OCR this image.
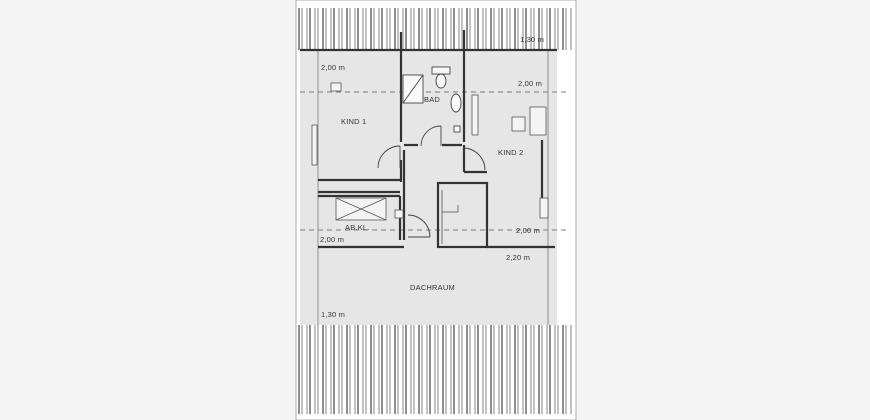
KIND 1
BAD
KIND 2
AB.KL.
DACHRAUM
1,30 m
2,00 m
2,00 m
2,00 m
2,00 m
2,20 m
1,30 m
